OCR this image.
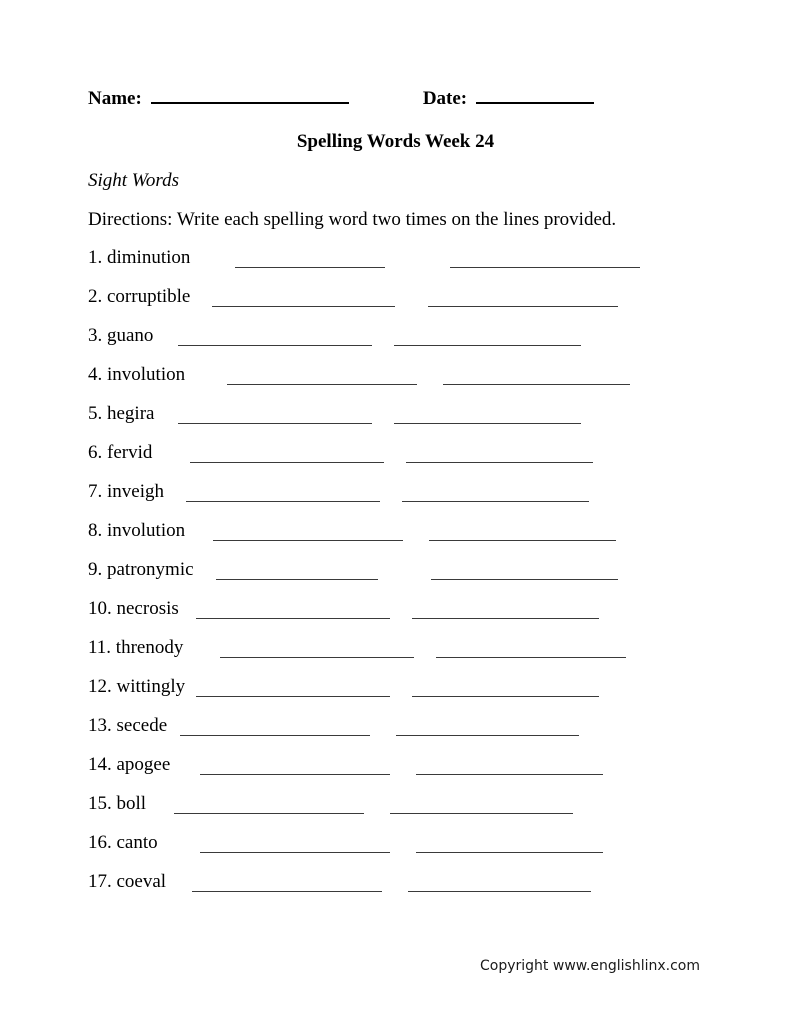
Name:	Date:
Spelling Words Week 24
Sight Words
Directions: Write each spelling word two times on the lines provided.
1. diminution
2. corruptible
3. guano
4. involution
5. hegira
6. fervid
7. inveigh
8. involution
9. patronymic
10. necrosis
11. threnody
12. wittingly
13. secede
14. apogee
15. boll
16. canto
17. coeval
Copyright www.englishlinx.com
